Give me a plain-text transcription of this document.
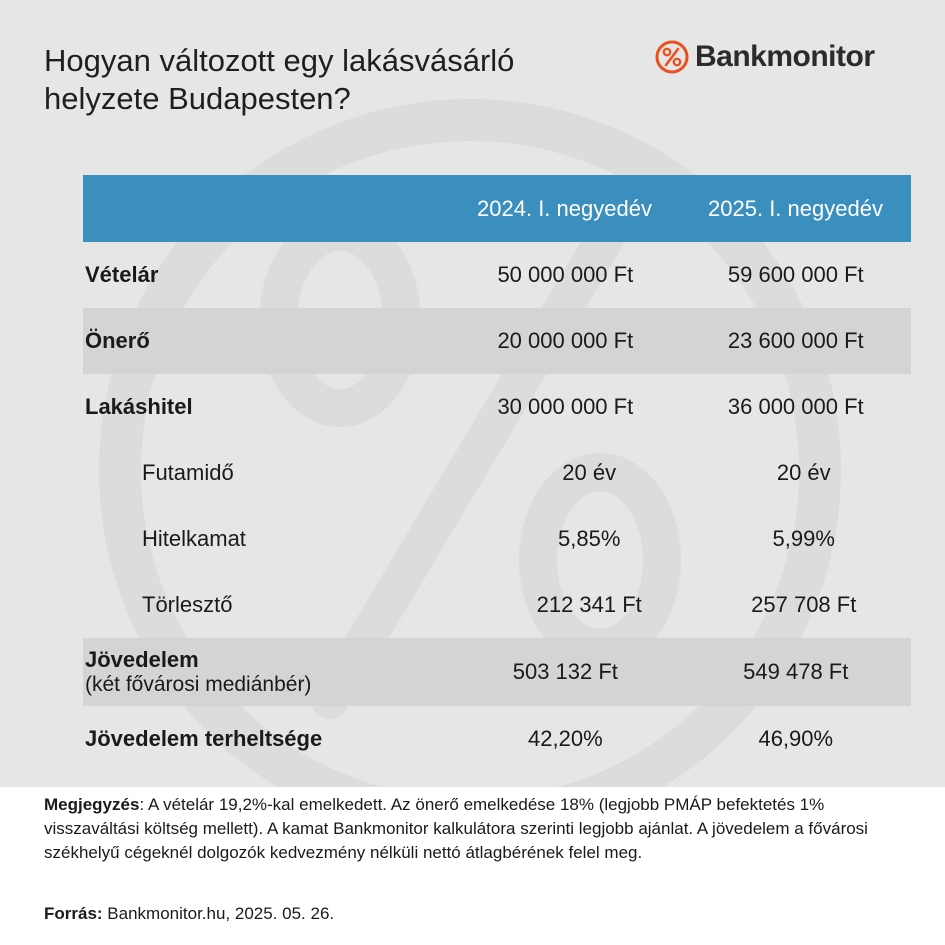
Hogyan változott egy lakásvásárló
helyzete Budapesten?
Bankmonitor
2024. I. negyedév	2025. I. negyedév
Vételár	50 000 000 Ft	59 600 000 Ft
Önerő	20 000 000 Ft	23 600 000 Ft
Lakáshitel	30 000 000 Ft	36 000 000 Ft
Futamidő	20 év	20 év
Hitelkamat	5,85%	5,99%
Törlesztő	212 341 Ft	257 708 Ft
Jövedelem
(két fővárosi mediánbér)
503 132 Ft	549 478 Ft
Jövedelem terheltsége	42,20%	46,90%
Megjegyzés: A vételár 19,2%-kal emelkedett. Az önerő emelkedése 18% (legjobb PMÁP befektetés 1% visszaváltási költség mellett). A kamat Bankmonitor kalkulátora szerinti legjobb ajánlat. A jövedelem a fővárosi székhelyű cégeknél dolgozók kedvezmény nélküli nettó átlagbérének felel meg.
Forrás: Bankmonitor.hu, 2025. 05. 26.
